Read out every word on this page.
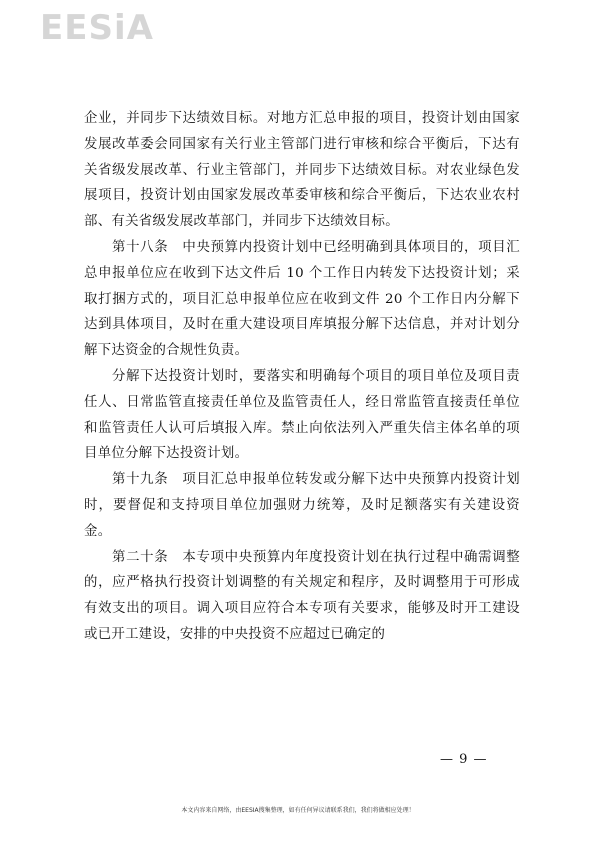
EESiA

企业，并同步下达绩效目标。对地方汇总申报的项目，投资计划由国家发展改革委会同国家有关行业主管部门进行审核和综合平衡后，下达有关省级发展改革、行业主管部门，并同步下达绩效目标。对农业绿色发展项目，投资计划由国家发展改革委审核和综合平衡后，下达农业农村部、有关省级发展改革部门，并同步下达绩效目标。

第十八条　中央预算内投资计划中已经明确到具体项目的，项目汇总申报单位应在收到下达文件后 10 个工作日内转发下达投资计划；采取打捆方式的，项目汇总申报单位应在收到文件 20 个工作日内分解下达到具体项目，及时在重大建设项目库填报分解下达信息，并对计划分解下达资金的合规性负责。

分解下达投资计划时，要落实和明确每个项目的项目单位及项目责任人、日常监管直接责任单位及监管责任人，经日常监管直接责任单位和监管责任人认可后填报入库。禁止向依法列入严重失信主体名单的项目单位分解下达投资计划。

第十九条　项目汇总申报单位转发或分解下达中央预算内投资计划时，要督促和支持项目单位加强财力统筹，及时足额落实有关建设资金。

第二十条　本专项中央预算内年度投资计划在执行过程中确需调整的，应严格执行投资计划调整的有关规定和程序，及时调整用于可形成有效支出的项目。调入项目应符合本专项有关要求，能够及时开工建设或已开工建设，安排的中央投资不应超过已确定的

— 9 —
本文内容来自网络，由EESIA搜集整理，如有任何异议请联系我们，我们将做相应处理！
